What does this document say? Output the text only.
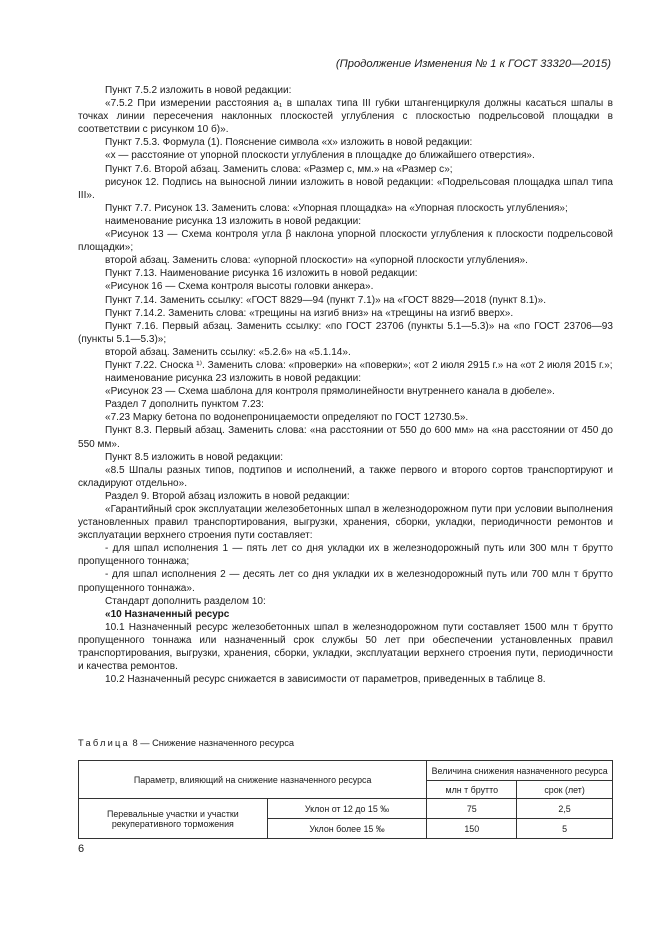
(Продолжение Изменения № 1 к ГОСТ 33320—2015)

Пункт 7.5.2 изложить в новой редакции:

«7.5.2 При измерении расстояния a₁ в шпалах типа III губки штангенциркуля должны касаться шпалы в точках линии пересечения наклонных плоскостей углубления с плоскостью подрельсовой площадки в соответствии с рисунком 10 б)».

Пункт 7.5.3. Формула (1). Пояснение символа «x» изложить в новой редакции:

«x — расстояние от упорной плоскости углубления в площадке до ближайшего отверстия».

Пункт 7.6. Второй абзац. Заменить слова: «Размер c, мм.» на «Размер c»;

рисунок 12. Подпись на выносной линии изложить в новой редакции: «Подрельсовая площадка шпал типа III».

Пункт 7.7. Рисунок 13. Заменить слова: «Упорная площадка» на «Упорная плоскость углубления»;

наименование рисунка 13 изложить в новой редакции:

«Рисунок 13 — Схема контроля угла β наклона упорной плоскости углубления к плоскости подрельсовой площадки»;

второй абзац. Заменить слова: «упорной плоскости» на «упорной плоскости углубления».

Пункт 7.13. Наименование рисунка 16 изложить в новой редакции:

«Рисунок 16 — Схема контроля высоты головки анкера».

Пункт 7.14. Заменить ссылку: «ГОСТ 8829—94 (пункт 7.1)» на «ГОСТ 8829—2018 (пункт 8.1)».

Пункт 7.14.2. Заменить слова: «трещины на изгиб вниз» на «трещины на изгиб вверх».

Пункт 7.16. Первый абзац. Заменить ссылку: «по ГОСТ 23706 (пункты 5.1—5.3)» на «по ГОСТ 23706—93 (пункты 5.1—5.3)»;

второй абзац. Заменить ссылку: «5.2.6» на «5.1.14».

Пункт 7.22. Сноска ¹⁾. Заменить слова: «проверки» на «поверки»; «от 2 июля 2915 г.» на «от 2 июля 2015 г.»;

наименование рисунка 23 изложить в новой редакции:

«Рисунок 23 — Схема шаблона для контроля прямолинейности внутреннего канала в дюбеле».

Раздел 7 дополнить пунктом 7.23:

«7.23 Марку бетона по водонепроницаемости определяют по ГОСТ 12730.5».

Пункт 8.3. Первый абзац. Заменить слова: «на расстоянии от 550 до 600 мм» на «на расстоянии от 450 до 550 мм».

Пункт 8.5 изложить в новой редакции:

«8.5 Шпалы разных типов, подтипов и исполнений, а также первого и второго сортов транспортируют и складируют отдельно».

Раздел 9. Второй абзац изложить в новой редакции:

«Гарантийный срок эксплуатации железобетонных шпал в железнодорожном пути при условии выполнения установленных правил транспортирования, выгрузки, хранения, сборки, укладки, периодичности ремонтов и эксплуатации верхнего строения пути составляет:

- для шпал исполнения 1 — пять лет со дня укладки их в железнодорожный путь или 300 млн т брутто пропущенного тоннажа;

- для шпал исполнения 2 — десять лет со дня укладки их в железнодорожный путь или 700 млн т брутто пропущенного тоннажа».

Стандарт дополнить разделом 10:

«10 Назначенный ресурс

10.1 Назначенный ресурс железобетонных шпал в железнодорожном пути составляет 1500 млн т брутто пропущенного тоннажа или назначенный срок службы 50 лет при обеспечении установленных правил транспортирования, выгрузки, хранения, сборки, укладки, эксплуатации верхнего строения пути, периодичности и качества ремонтов.

10.2 Назначенный ресурс снижается в зависимости от параметров, приведенных в таблице 8.

Таблица 8 — Снижение назначенного ресурса
Параметр, влияющий на снижение назначенного ресурса		Величина снижения назначенного ресурса	
		млн т брутто	срок (лет)
Перевальные участки и участки рекуперативного торможения	Уклон от 12 до 15 ‰	75	2,5
	Уклон более 15 ‰	150	5
6
